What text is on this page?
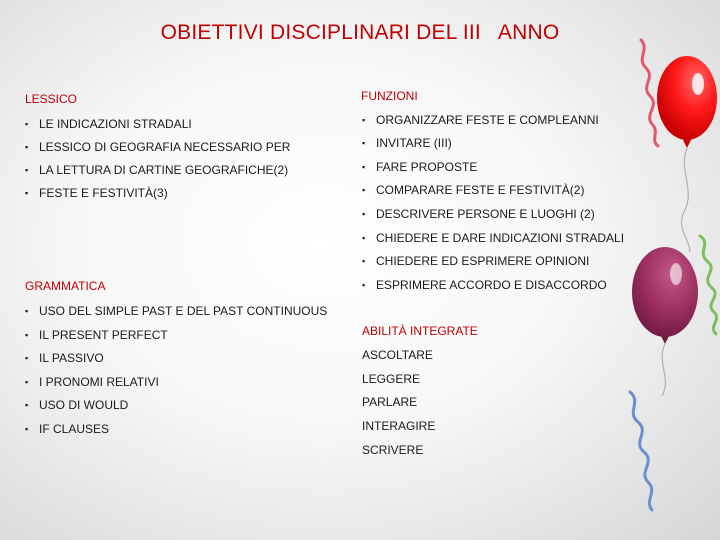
OBIETTIVI DISCIPLINARI DEL III   ANNO
LESSICO
▪ LE INDICAZIONI STRADALI
▪ LESSICO DI GEOGRAFIA NECESSARIO PER
▪ LA LETTURA DI CARTINE GEOGRAFICHE(2)
▪ FESTE E FESTIVITÀ(3)
GRAMMATICA
▪ USO DEL SIMPLE PAST E DEL PAST CONTINUOUS
▪ IL PRESENT PERFECT
▪ IL PASSIVO
▪ I PRONOMI RELATIVI
▪ USO DI WOULD
▪ IF CLAUSES
FUNZIONI
▪ ORGANIZZARE FESTE E COMPLEANNI
▪ INVITARE (III)
▪ FARE PROPOSTE
▪ COMPARARE FESTE E FESTIVITÀ(2)
▪ DESCRIVERE PERSONE E LUOGHI (2)
▪ CHIEDERE E DARE INDICAZIONI STRADALI
▪ CHIEDERE ED ESPRIMERE OPINIONI
▪ ESPRIMERE ACCORDO E DISACCORDO
ABILITÀ INTEGRATE
ASCOLTARE
LEGGERE
PARLARE
INTERAGIRE
SCRIVERE
